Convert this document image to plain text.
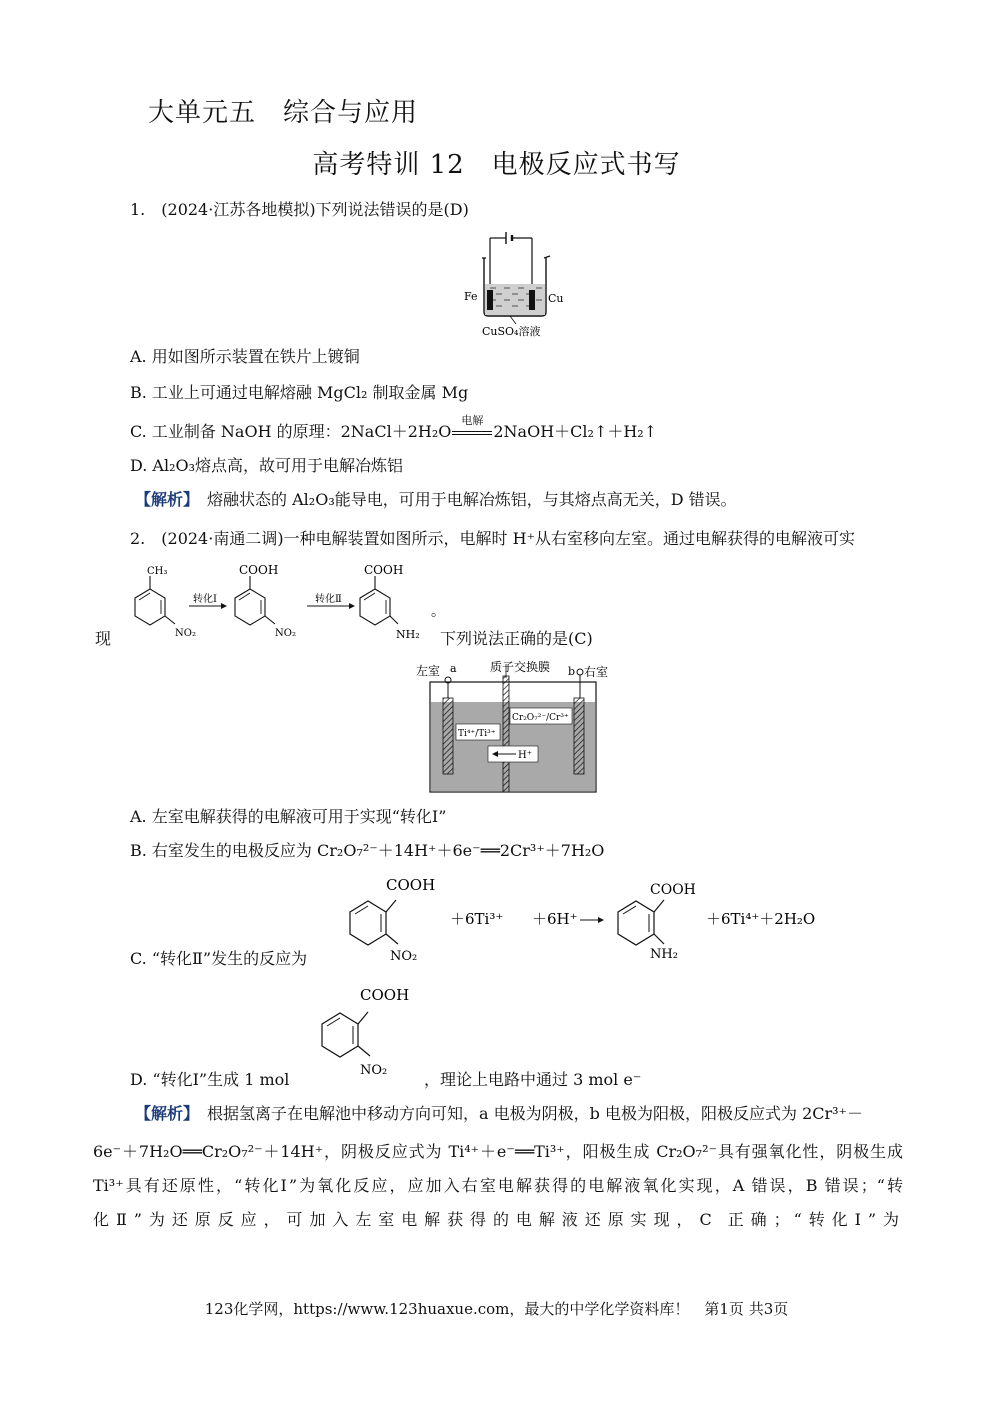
大单元五　综合与应用
高考特训 12　电极反应式书写
1.　(2024·江苏各地模拟)下列说法错误的是(D)
Fe	Cu
CuSO₄溶液
A. 用如图所示装置在铁片上镀铜
B. 工业上可通过电解熔融 MgCl₂ 制取金属 Mg
C. 工业制备 NaOH 的原理：2NaCl＋2H₂O
电解
2NaOH＋Cl₂↑＋H₂↑
D. Al₂O₃熔点高，故可用于电解冶炼铝
【解析】　 熔融状态的 Al₂O₃能导电，可用于电解冶炼铝，与其熔点高无关，D 错误。
2.　(2024·南通二调)一种电解装置如图所示，电解时 H⁺从右室移向左室。通过电解获得的电解液可实
CH₃
NO₂
转化Ⅰ
COOH
NO₂
转化Ⅱ
COOH
NH₂
。
现	下列说法正确的是(C)
左室 a	质子交换膜 b 右室
Ti⁴⁺/Ti³⁺
Cr₂O₇²⁻/Cr³⁺
H⁺
A. 左室电解获得的电解液可用于实现“转化Ⅰ”
B. 右室发生的电极反应为 Cr₂O₇²⁻＋14H⁺＋6e⁻══2Cr³⁺＋7H₂O
COOH
NO₂
＋6Ti³⁺ ＋6H⁺
COOH
NH₂
＋6Ti⁴⁺＋2H₂O
C. “转化Ⅱ”发生的反应为
COOH
NO₂
D. “转化Ⅰ”生成 1 mol	，理论上电路中通过 3 mol e⁻
【解析】　 根据氢离子在电解池中移动方向可知，a 电极为阴极，b 电极为阳极，阳极反应式为 2Cr³⁺－
6e⁻＋7H₂O══Cr₂O₇²⁻＋14H⁺，阴极反应式为 Ti⁴⁺＋e⁻══Ti³⁺，阳极生成 Cr₂O₇²⁻具有强氧化性，阴极生成
Ti³⁺具有还原性，“转化Ⅰ”为氧化反应，应加入右室电解获得的电解液氧化实现，A 错误，B 错误；“转
化Ⅱ”为还原反应，可加入左室电解获得的电解液还原实现，C 正确；“转化Ⅰ”为
123化学网，https://www.123huaxue.com，最大的中学化学资料库！　第1页 共3页
